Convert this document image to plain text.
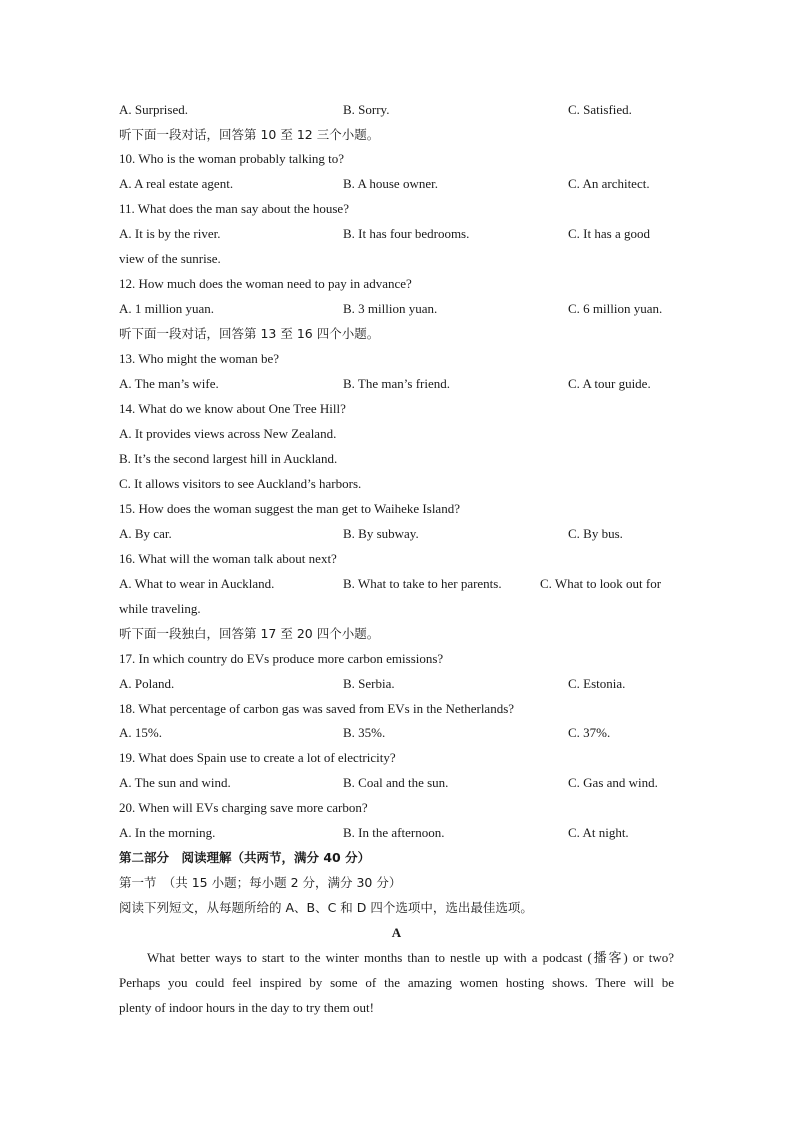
A. Surprised.	B. Sorry.	C. Satisfied.
听下面一段对话，回答第 10 至 12 三个小题。
10. Who is the woman probably talking to?
A. A real estate agent.	B. A house owner.	C. An architect.
11. What does the man say about the house?
A. It is by the river.	B. It has four bedrooms.	C. It has a good
view of the sunrise.
12. How much does the woman need to pay in advance?
A. 1 million yuan.	B. 3 million yuan.	C. 6 million yuan.
听下面一段对话，回答第 13 至 16 四个小题。
13. Who might the woman be?
A. The man’s wife.	B. The man’s friend.	C. A tour guide.
14. What do we know about One Tree Hill?
A. It provides views across New Zealand.
B. It’s the second largest hill in Auckland.
C. It allows visitors to see Auckland’s harbors.
15. How does the woman suggest the man get to Waiheke Island?
A. By car.	B. By subway.	C. By bus.
16. What will the woman talk about next?
A. What to wear in Auckland.	B. What to take to her parents.	C. What to look out for
while traveling.
听下面一段独白，回答第 17 至 20 四个小题。
17. In which country do EVs produce more carbon emissions?
A. Poland.	B. Serbia.	C. Estonia.
18. What percentage of carbon gas was saved from EVs in the Netherlands?
A. 15%.	B. 35%.	C. 37%.
19. What does Spain use to create a lot of electricity?
A. The sun and wind.	B. Coal and the sun.	C. Gas and wind.
20. When will EVs charging save more carbon?
A. In the morning.	B. In the afternoon.	C. At night.
第二部分　阅读理解（共两节，满分 40 分）
第一节　（共 15 小题；每小题 2 分，满分 30 分）
阅读下列短文，从每题所给的 A、B、C 和 D 四个选项中，选出最佳选项。
A
What better ways to start to the winter months than to nestle up with a podcast (播客) or two?
Perhaps you could feel inspired by some of the amazing women hosting shows. There will be
plenty of indoor hours in the day to try them out!
